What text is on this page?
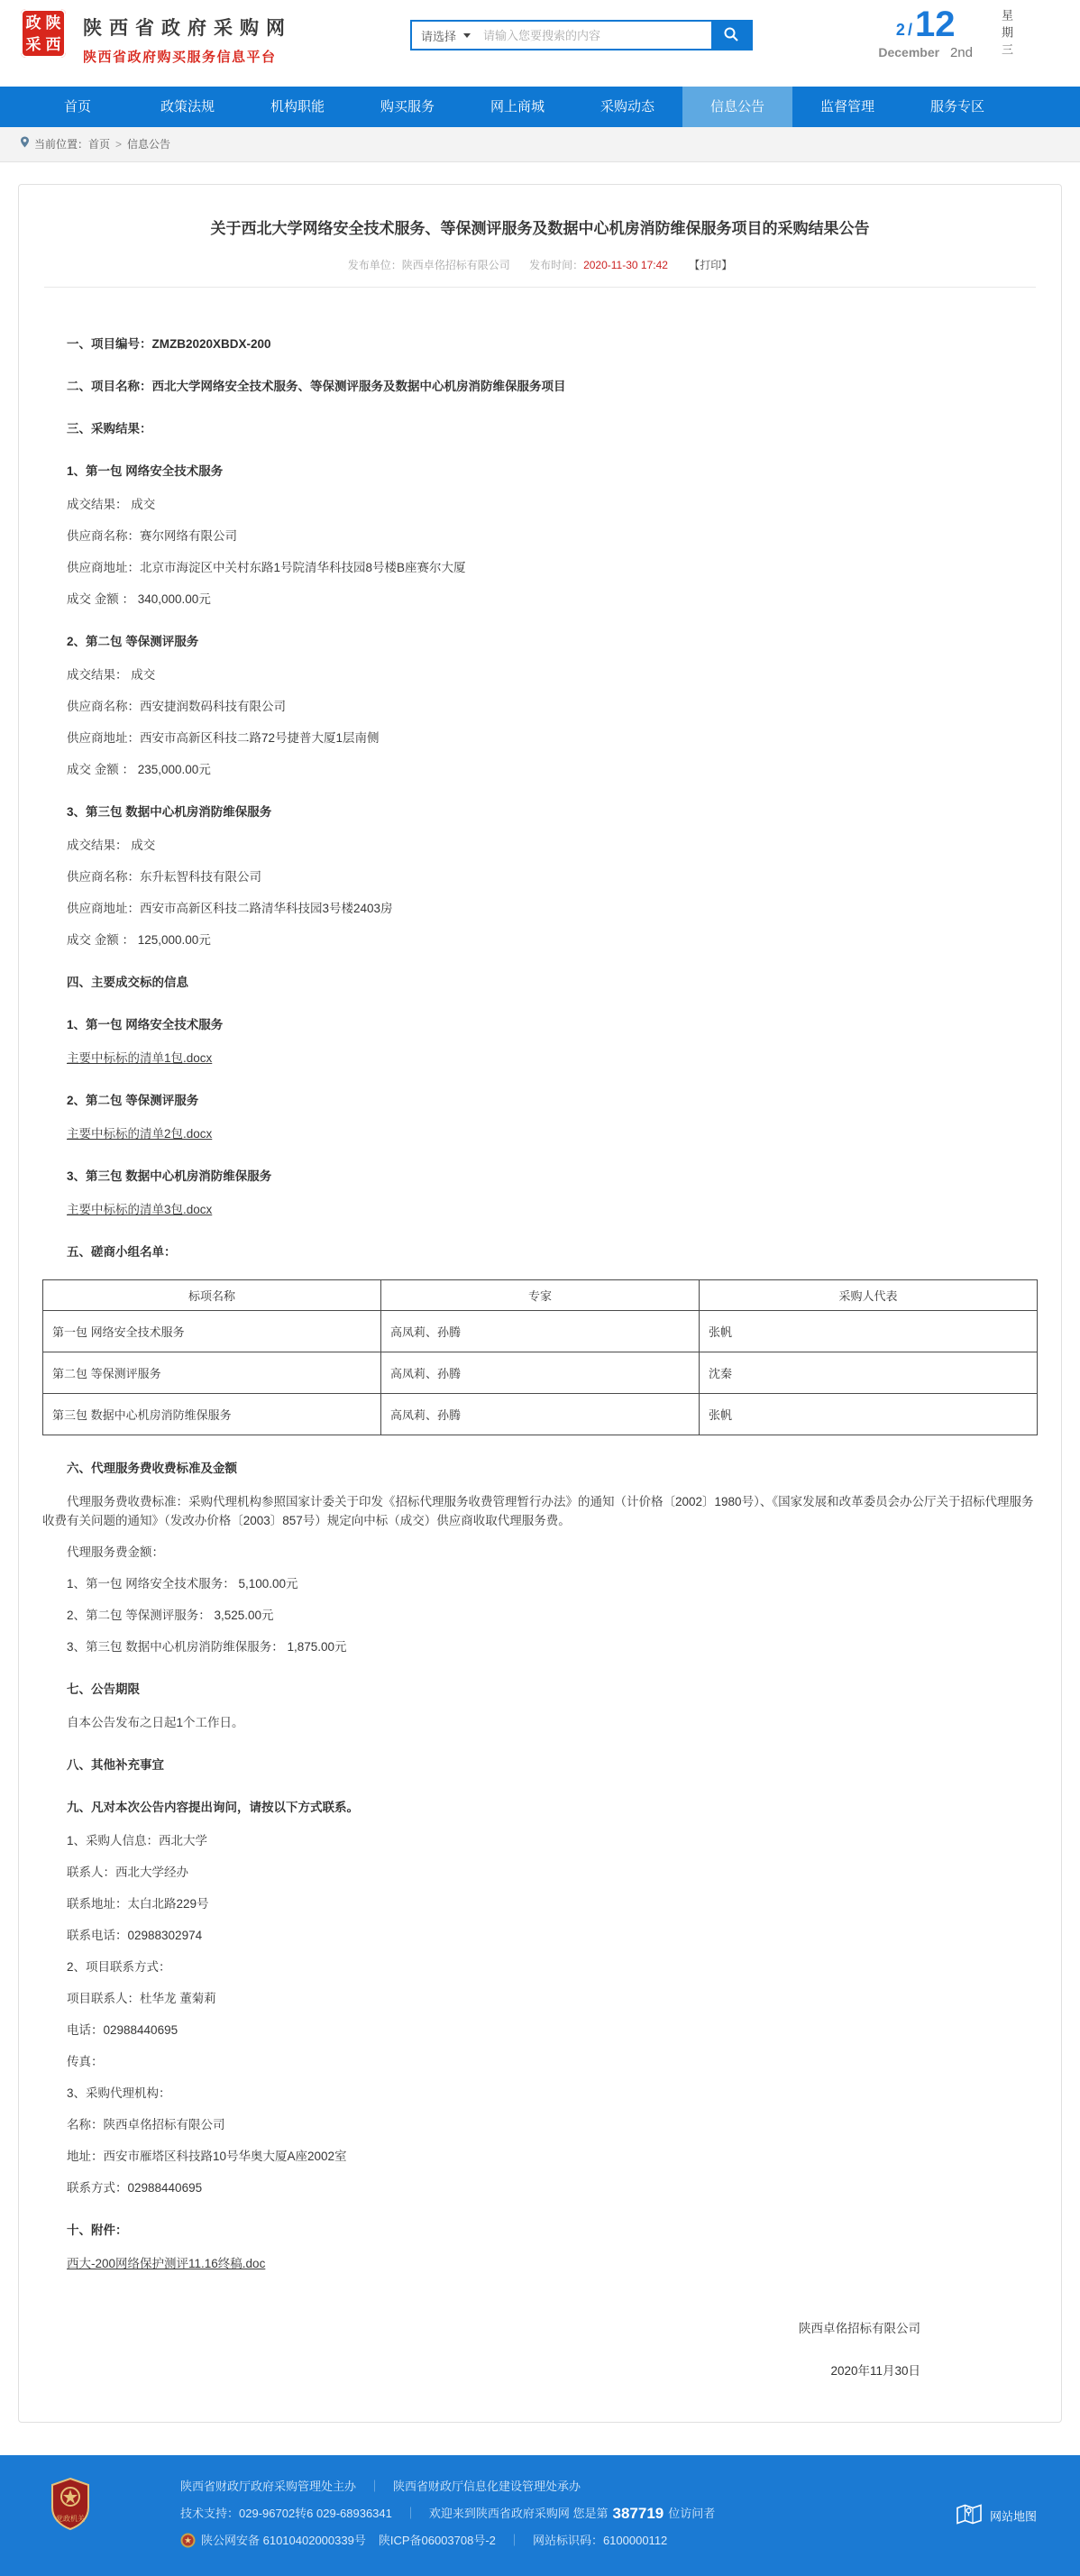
政 陕
采 西
陕西省政府采购网
陕西省政府购买服务信息平台
请选择
请输入您要搜索的内容	2 / 12
December 2nd 星期三
首页	政策法规	机构职能	购买服务	网上商城	采购动态	信息公告	监督管理	服务专区
当前位置： 首页 > 信息公告
关于西北大学网络安全技术服务、等保测评服务及数据中心机房消防维保服务项目的采购结果公告
发布单位：陕西卓佲招标有限公司 发布时间：2020-11-30 17:42 【打印】
一、项目编号：ZMZB2020XBDX-200
二、项目名称：西北大学网络安全技术服务、等保测评服务及数据中心机房消防维保服务项目
三、采购结果：
1、第一包 网络安全技术服务
成交结果： 成交
供应商名称：赛尔网络有限公司
供应商地址：北京市海淀区中关村东路1号院清华科技园8号楼B座赛尔大厦
成交 金额 ： 340,000.00元
2、第二包 等保测评服务
成交结果： 成交
供应商名称：西安捷润数码科技有限公司
供应商地址：西安市高新区科技二路72号捷普大厦1层南侧
成交 金额 ： 235,000.00元
3、第三包 数据中心机房消防维保服务
成交结果： 成交
供应商名称：东升耘智科技有限公司
供应商地址：西安市高新区科技二路清华科技园3号楼2403房
成交 金额 ： 125,000.00元
四、主要成交标的信息
1、第一包 网络安全技术服务
主要中标标的清单1包.docx
2、第二包 等保测评服务
主要中标标的清单2包.docx
3、第三包 数据中心机房消防维保服务
主要中标标的清单3包.docx
五、磋商小组名单：
标项名称	专家	采购人代表
第一包 网络安全技术服务	高凤莉、孙腾	张帆
第二包 等保测评服务	高凤莉、孙腾	沈秦
第三包 数据中心机房消防维保服务	高凤莉、孙腾	张帆
六、代理服务费收费标准及金额
代理服务费收费标准：采购代理机构参照国家计委关于印发《招标代理服务收费管理暂行办法》的通知（计价格〔2002〕1980号）、《国家发展和改革委员会办公厅关于招标代理服务收费有关问题的通知》（发改办价格〔2003〕857号）规定向中标（成交）供应商收取代理服务费。
代理服务费金额：
1、第一包 网络安全技术服务： 5,100.00元
2、第二包 等保测评服务： 3,525.00元
3、第三包 数据中心机房消防维保服务： 1,875.00元
七、公告期限
自本公告发布之日起1个工作日。
八、其他补充事宜
九、凡对本次公告内容提出询问，请按以下方式联系。
1、采购人信息：西北大学
联系人：西北大学经办
联系地址：太白北路229号
联系电话：02988302974
2、项目联系方式：
项目联系人：杜华龙 董菊莉
电话：02988440695
传真：
3、采购代理机构：
名称：陕西卓佲招标有限公司
地址：西安市雁塔区科技路10号华奥大厦A座2002室
联系方式：02988440695
十、附件：
西大-200网络保护测评11.16终稿.doc
陕西卓佲招标有限公司
2020年11月30日
党政机关
陕西省财政厅政府采购管理处主办 ｜ 陕西省财政厅信息化建设管理处承办
技术支持：029-96702转6 029-68936341 ｜ 欢迎来到陕西省政府采购网 您是第 387719 位访问者
陕公网安备 61010402000339号 陕ICP备06003708号-2 ｜ 网站标识码：6100000112
网站地图
